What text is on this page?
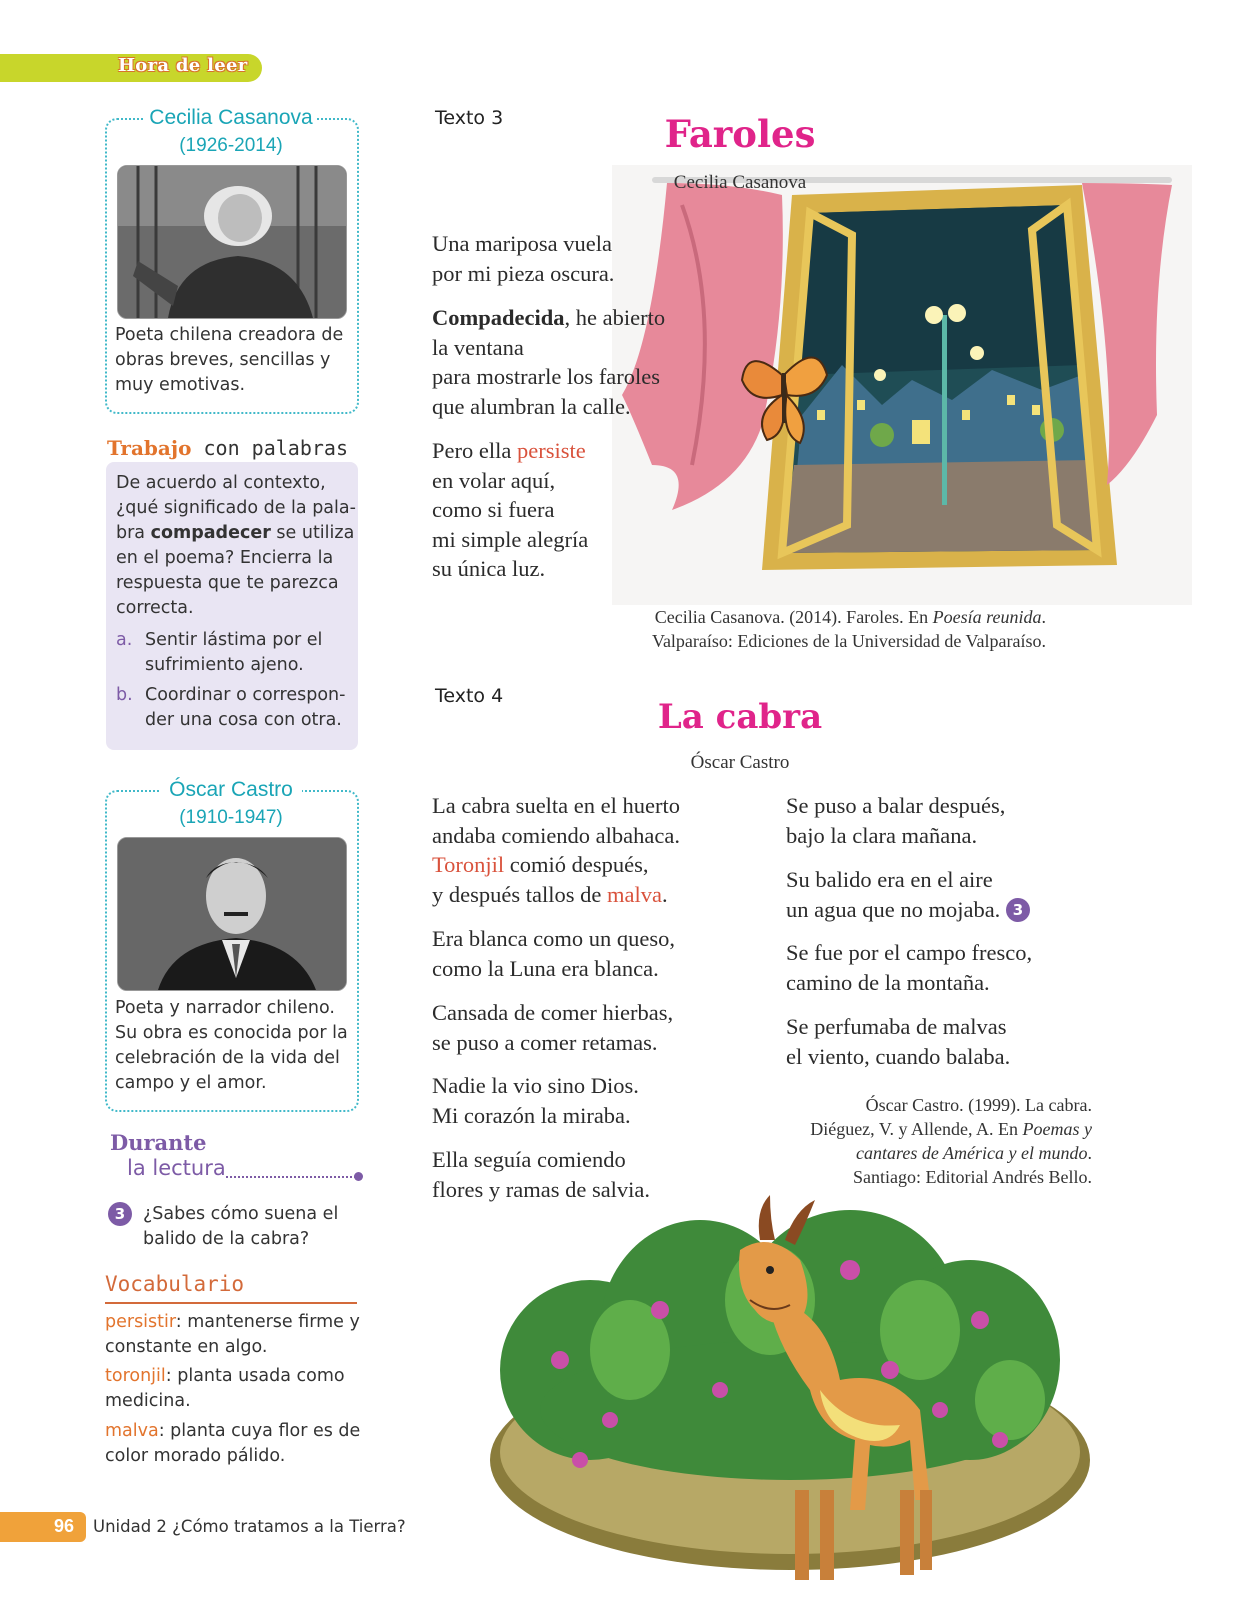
Hora de leer
Cecilia Casanova
(1926-2014)
Poeta chilena creadora de
obras breves, sencillas y
muy emotivas.
Trabajo con palabras
De acuerdo al contexto,
¿qué significado de la pala-
bra compadecer se utiliza
en el poema? Encierra la
respuesta que te parezca
correcta.
a. Sentir lástima por el
sufrimiento ajeno.
b. Coordinar o correspon-
der una cosa con otra.
Óscar Castro
(1910-1947)
Poeta y narrador chileno.
Su obra es conocida por la
celebración de la vida del
campo y el amor.
Durante
la lectura
3	¿Sabes cómo suena el
balido de la cabra?
Vocabulario
persistir: mantenerse firme y
constante en algo.
toronjil: planta usada como
medicina.
malva: planta cuya flor es de
color morado pálido.
96 Unidad 2 ¿Cómo tratamos a la Tierra?
Texto 3	Faroles
Cecilia Casanova
Una mariposa vuela
por mi pieza oscura.
Compadecida, he abierto
la ventana
para mostrarle los faroles
que alumbran la calle.
Pero ella persiste
en volar aquí,
como si fuera
mi simple alegría
su única luz.
Cecilia Casanova. (2014). Faroles. En Poesía reunida.
Valparaíso: Ediciones de la Universidad de Valparaíso.
Texto 4
La cabra
Óscar Castro
La cabra suelta en el huerto
andaba comiendo albahaca.
Toronjil comió después,
y después tallos de malva.
Era blanca como un queso,
como la Luna era blanca.
Cansada de comer hierbas,
se puso a comer retamas.
Nadie la vio sino Dios.
Mi corazón la miraba.
Ella seguía comiendo
flores y ramas de salvia.
Se puso a balar después,
bajo la clara mañana.
Su balido era en el aire
un agua que no mojaba. 3
Se fue por el campo fresco,
camino de la montaña.
Se perfumaba de malvas
el viento, cuando balaba.
Óscar Castro. (1999). La cabra.
Diéguez, V. y Allende, A. En Poemas y
cantares de América y el mundo.
Santiago: Editorial Andrés Bello.
